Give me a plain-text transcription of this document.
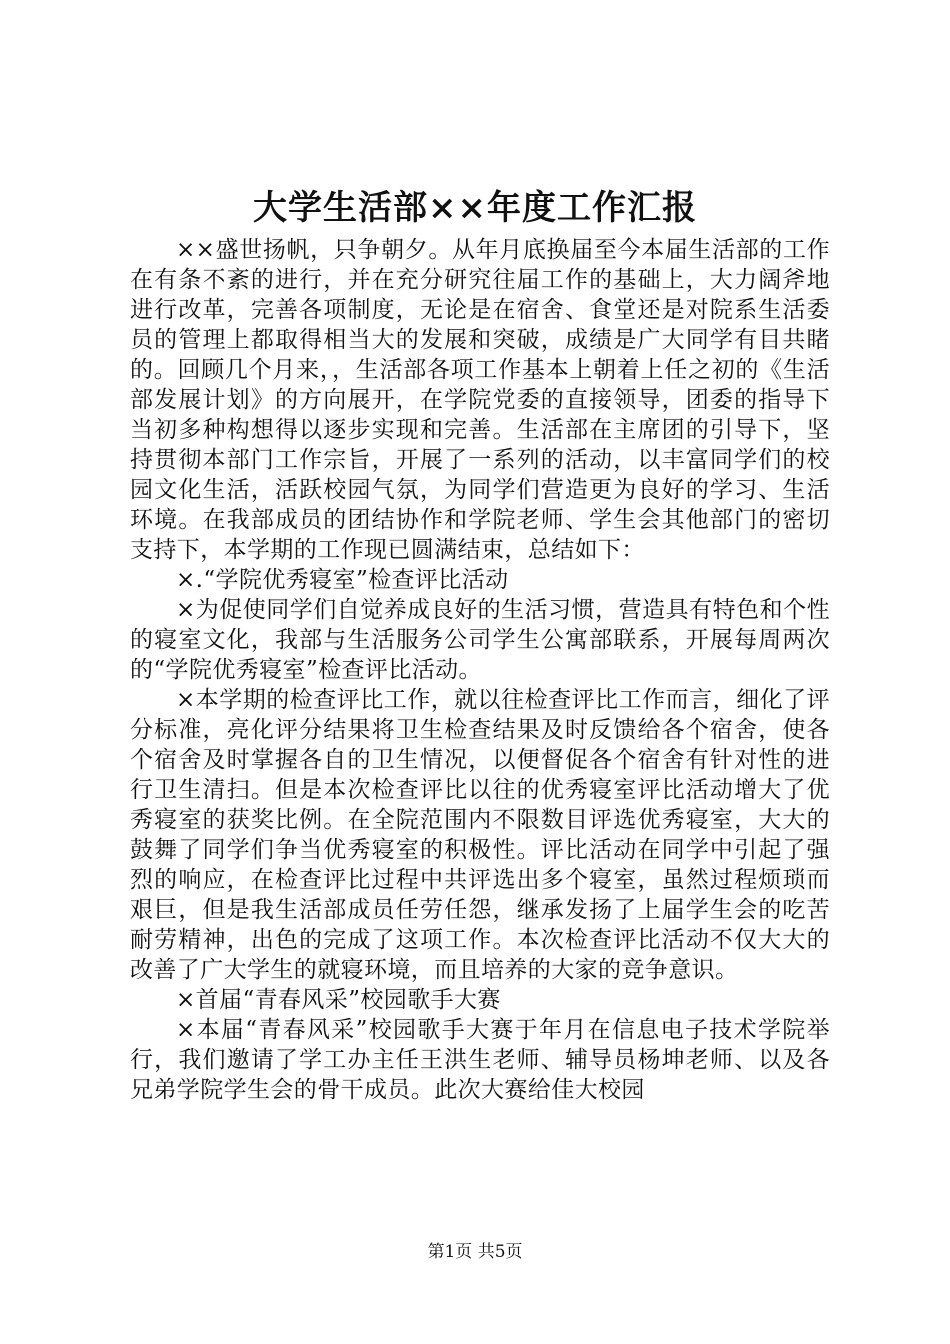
大学生活部××年度工作汇报

××盛世扬帆，只争朝夕。从年月底换届至今本届生活部的工作在有条不紊的进行，并在充分研究往届工作的基础上，大力阔斧地进行改革，完善各项制度，无论是在宿舍、食堂还是对院系生活委员的管理上都取得相当大的发展和突破，成绩是广大同学有目共睹的。回顾几个月来，，生活部各项工作基本上朝着上任之初的《生活部发展计划》的方向展开，在学院党委的直接领导，团委的指导下当初多种构想得以逐步实现和完善。生活部在主席团的引导下，坚持贯彻本部门工作宗旨，开展了一系列的活动，以丰富同学们的校园文化生活，活跃校园气氛，为同学们营造更为良好的学习、生活环境。在我部成员的团结协作和学院老师、学生会其他部门的密切支持下，本学期的工作现已圆满结束，总结如下：

×.“学院优秀寝室”检查评比活动

×为促使同学们自觉养成良好的生活习惯，营造具有特色和个性的寝室文化，我部与生活服务公司学生公寓部联系，开展每周两次的“学院优秀寝室”检查评比活动。

×本学期的检查评比工作，就以往检查评比工作而言，细化了评分标准，亮化评分结果将卫生检查结果及时反馈给各个宿舍，使各个宿舍及时掌握各自的卫生情况，以便督促各个宿舍有针对性的进行卫生清扫。但是本次检查评比以往的优秀寝室评比活动增大了优秀寝室的获奖比例。在全院范围内不限数目评选优秀寝室，大大的鼓舞了同学们争当优秀寝室的积极性。评比活动在同学中引起了强烈的响应，在检查评比过程中共评选出多个寝室，虽然过程烦琐而艰巨，但是我生活部成员任劳任怨，继承发扬了上届学生会的吃苦耐劳精神，出色的完成了这项工作。本次检查评比活动不仅大大的改善了广大学生的就寝环境，而且培养的大家的竞争意识。

×首届“青春风采”校园歌手大赛

×本届“青春风采”校园歌手大赛于年月在信息电子技术学院举行，我们邀请了学工办主任王洪生老师、辅导员杨坤老师、以及各兄弟学院学生会的骨干成员。此次大赛给佳大校园

第1页 共5页
